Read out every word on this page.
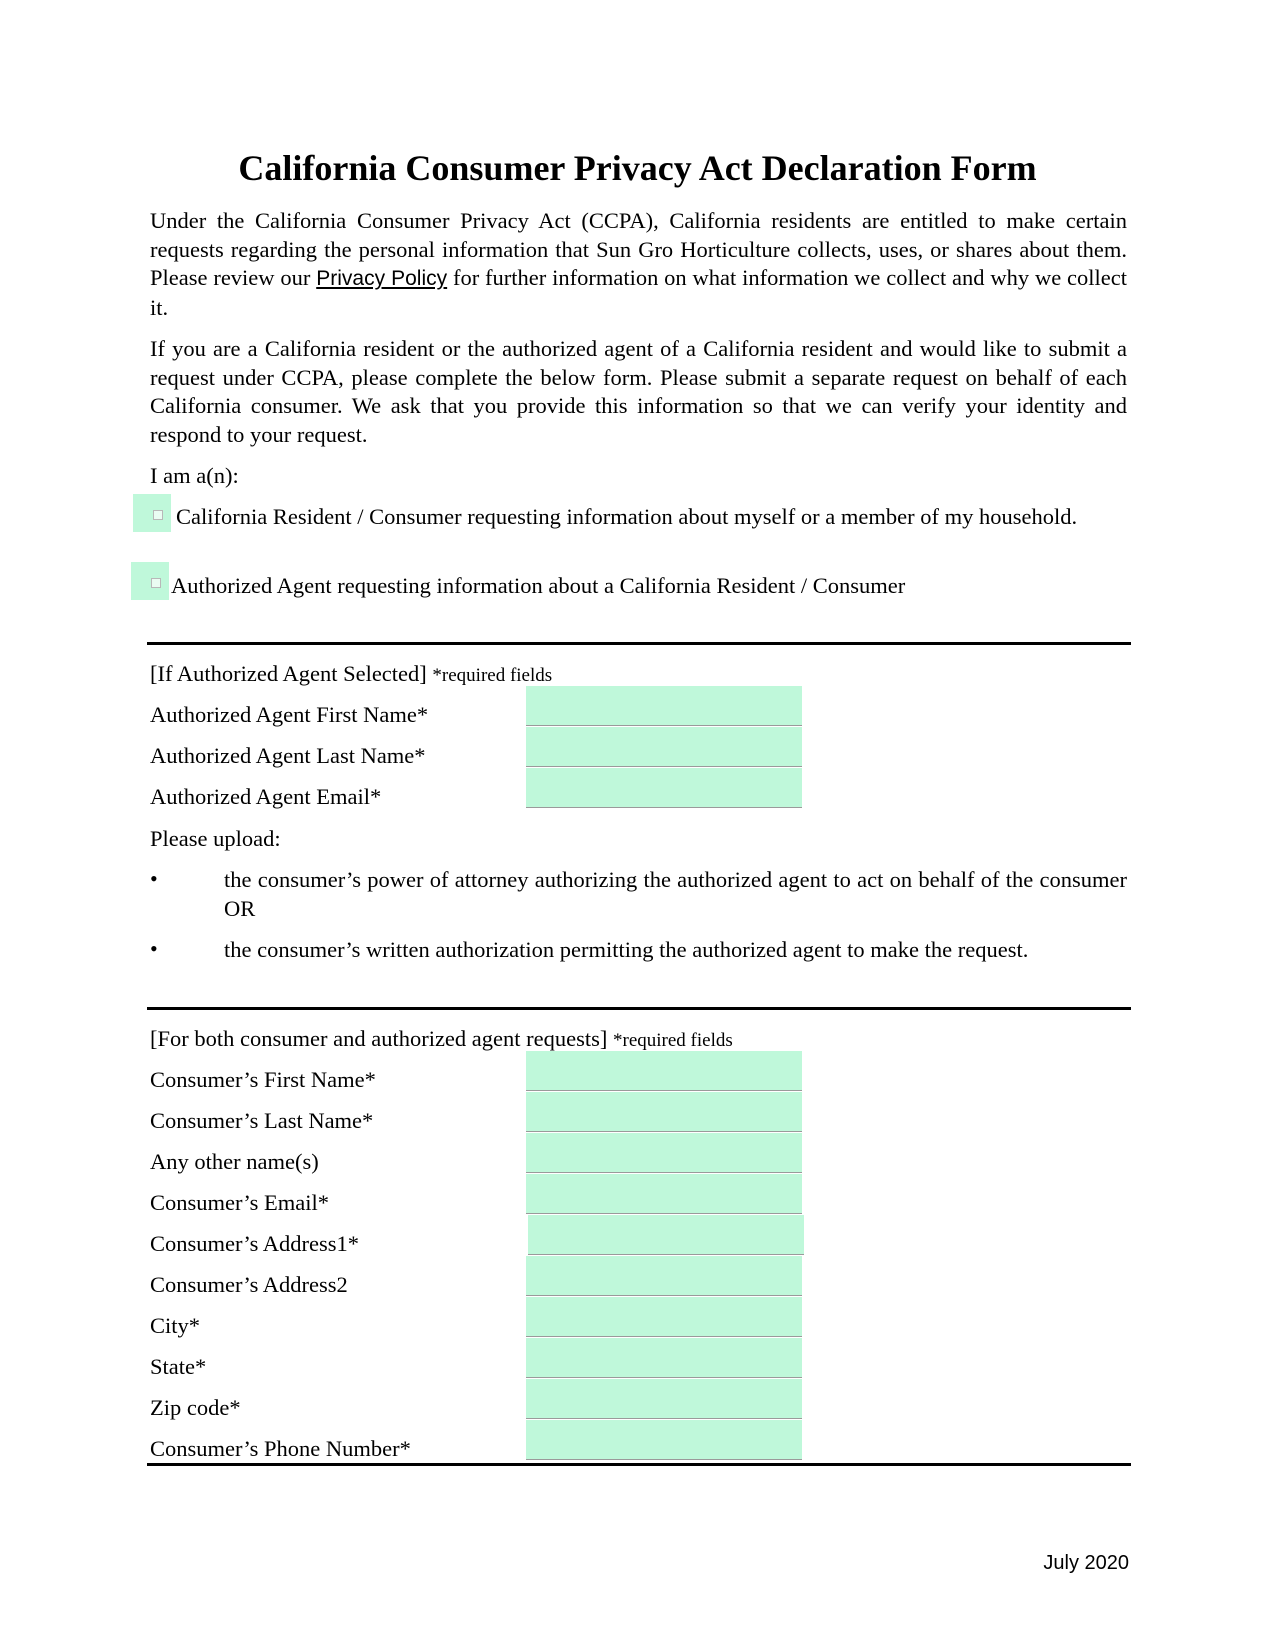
California Consumer Privacy Act Declaration Form

Under the California Consumer Privacy Act (CCPA), California residents are entitled to make certain requests regarding the personal information that Sun Gro Horticulture collects, uses, or shares about them. Please review our Privacy Policy for further information on what information we collect and why we collect it.

If you are a California resident or the authorized agent of a California resident and would like to submit a request under CCPA, please complete the below form. Please submit a separate request on behalf of each California consumer. We ask that you provide this information so that we can verify your identity and respond to your request.

I am a(n):

California Resident / Consumer requesting information about myself or a member of my household.

Authorized Agent requesting information about a California Resident / Consumer
[If Authorized Agent Selected] *required fields
Authorized Agent First Name*
Authorized Agent Last Name*
Authorized Agent Email*
Please upload:
•	the consumer’s power of attorney authorizing the authorized agent to act on behalf of the consumer OR

•	the consumer’s written authorization permitting the authorized agent to make the request.
[For both consumer and authorized agent requests] *required fields
Consumer’s First Name*
Consumer’s Last Name*
Any other name(s)
Consumer’s Email*
Consumer’s Address1*
Consumer’s Address2
City*
State*
Zip code*
Consumer’s Phone Number*
July 2020
